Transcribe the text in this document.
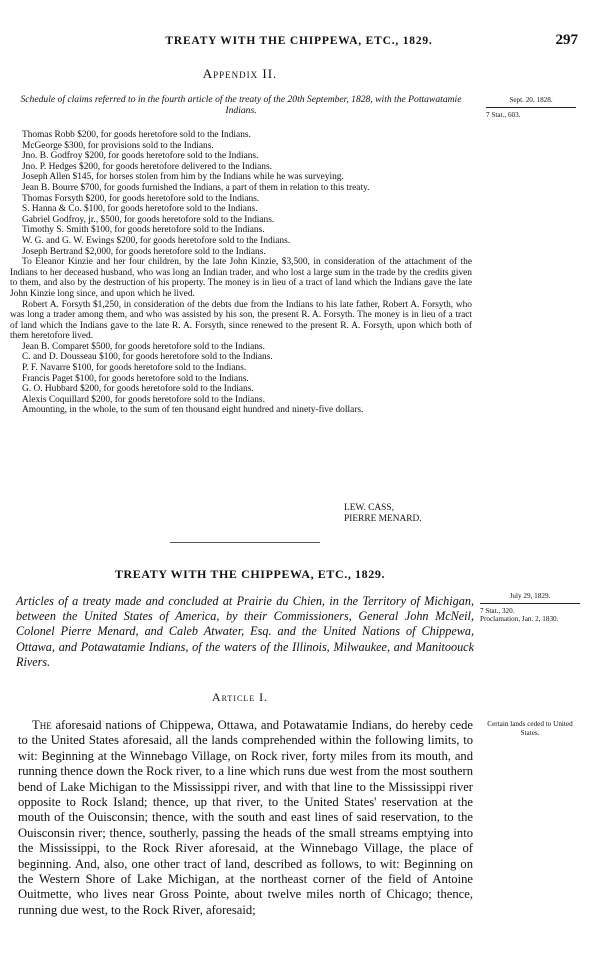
TREATY WITH THE CHIPPEWA, ETC., 1829.	297
Appendix II.
Schedule of claims referred to in the fourth article of the treaty of the 20th September, 1828, with the Pottawatamie Indians.
Sept. 20, 1828.
7 Stat., 603.

Thomas Robb $200, for goods heretofore sold to the Indians.

McGeorge $300, for provisions sold to the Indians.

Jno. B. Godfroy $200, for goods heretofore sold to the Indians.

Jno. P. Hedges $200, for goods heretofore delivered to the Indians.

Joseph Allen $145, for horses stolen from him by the Indians while he was surveying.

Jean B. Bourre $700, for goods furnished the Indians, a part of them in relation to this treaty.

Thomas Forsyth $200, for goods heretofore sold to the Indians.

S. Hanna & Co. $100, for goods heretofore sold to the Indians.

Gabriel Godfroy, jr., $500, for goods heretofore sold to the Indians.

Timothy S. Smith $100, for goods heretofore sold to the Indians.

W. G. and G. W. Ewings $200, for goods heretofore sold to the Indians.

Joseph Bertrand $2,000, for goods heretofore sold to the Indians.

To Eleanor Kinzie and her four children, by the late John Kinzie, $3,500, in consideration of the attachment of the Indians to her deceased husband, who was long an Indian trader, and who lost a large sum in the trade by the credits given to them, and also by the destruction of his property. The money is in lieu of a tract of land which the Indians gave the late John Kinzie long since, and upon which he lived.

Robert A. Forsyth $1,250, in consideration of the debts due from the Indians to his late father, Robert A. Forsyth, who was long a trader among them, and who was assisted by his son, the present R. A. Forsyth. The money is in lieu of a tract of land which the Indians gave to the late R. A. Forsyth, since renewed to the present R. A. Forsyth, upon which both of them heretofore lived.

Jean B. Comparet $500, for goods heretofore sold to the Indians.

C. and D. Dousseau $100, for goods heretofore sold to the Indians.

P. F. Navarre $100, for goods heretofore sold to the Indians.

Francis Paget $100, for goods heretofore sold to the Indians.

G. O. Hubbard $200, for goods heretofore sold to the Indians.

Alexis Coquillard $200, for goods heretofore sold to the Indians.

Amounting, in the whole, to the sum of ten thousand eight hundred and ninety-five dollars.

LEW. CASS,
PIERRE MENARD.
TREATY WITH THE CHIPPEWA, ETC., 1829.
Articles of a treaty made and concluded at Prairie du Chien, in the Territory of Michigan, between the United States of America, by their Commissioners, General John McNeil, Colonel Pierre Menard, and Caleb Atwater, Esq. and the United Nations of Chippewa, Ottawa, and Potawatamie Indians, of the waters of the Illinois, Milwaukee, and Manitoouck Rivers.
July 29, 1829.
7 Stat., 320.
Proclamation, Jan. 2, 1830.
Article I.
Certain lands ceded to United States.

The aforesaid nations of Chippewa, Ottawa, and Potawatamie Indians, do hereby cede to the United States aforesaid, all the lands comprehended within the following limits, to wit: Beginning at the Winnebago Village, on Rock river, forty miles from its mouth, and running thence down the Rock river, to a line which runs due west from the most southern bend of Lake Michigan to the Mississippi river, and with that line to the Mississippi river opposite to Rock Island; thence, up that river, to the United States' reservation at the mouth of the Ouisconsin; thence, with the south and east lines of said reservation, to the Ouisconsin river; thence, southerly, passing the heads of the small streams emptying into the Mississippi, to the Rock River aforesaid, at the Winnebago Village, the place of beginning. And, also, one other tract of land, described as follows, to wit: Beginning on the Western Shore of Lake Michigan, at the northeast corner of the field of Antoine Ouitmette, who lives near Gross Pointe, about twelve miles north of Chicago; thence, running due west, to the Rock River, aforesaid;
